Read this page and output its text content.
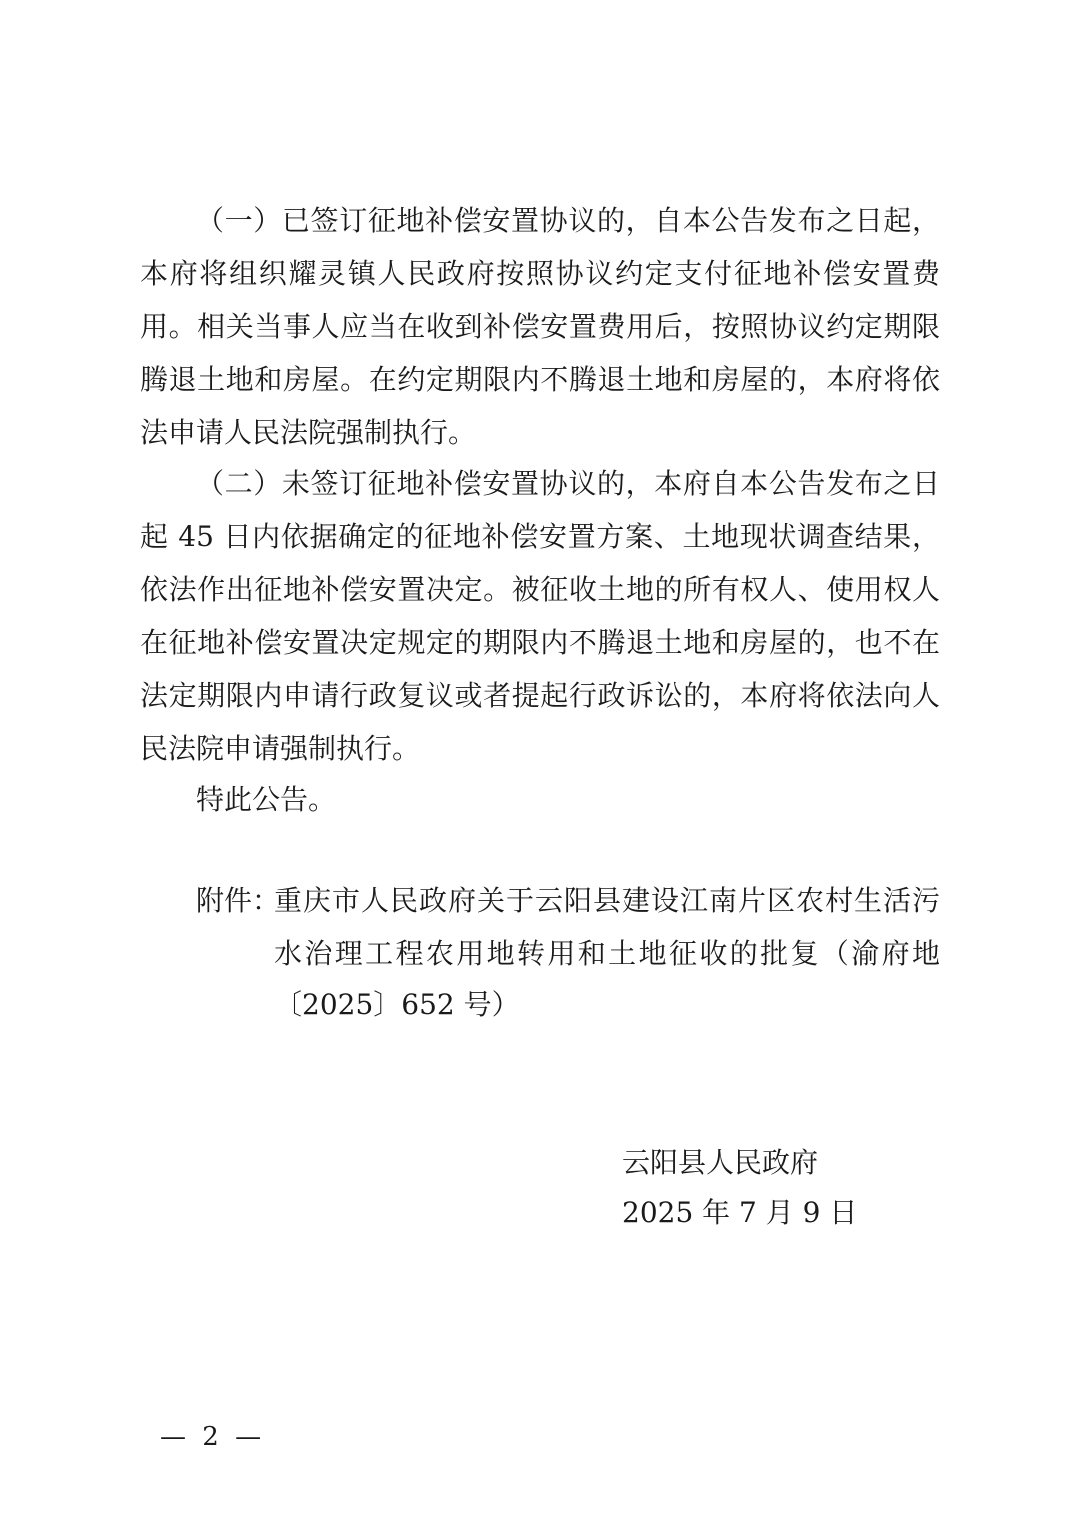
（一）已签订征地补偿安置协议的，自本公告发布之日起，
本府将组织耀灵镇人民政府按照协议约定支付征地补偿安置费
用。相关当事人应当在收到补偿安置费用后，按照协议约定期限
腾退土地和房屋。在约定期限内不腾退土地和房屋的，本府将依
法申请人民法院强制执行。
（二）未签订征地补偿安置协议的，本府自本公告发布之日
起 45 日内依据确定的征地补偿安置方案、土地现状调查结果，
依法作出征地补偿安置决定。被征收土地的所有权人、使用权人
在征地补偿安置决定规定的期限内不腾退土地和房屋的，也不在
法定期限内申请行政复议或者提起行政诉讼的，本府将依法向人
民法院申请强制执行。
特此公告。
附件：
重庆市人民政府关于云阳县建设江南片区农村生活污
水治理工程农用地转用和土地征收的批复（渝府地
〔2025〕652 号）
云阳县人民政府
2025 年 7 月 9 日
— 2 —
